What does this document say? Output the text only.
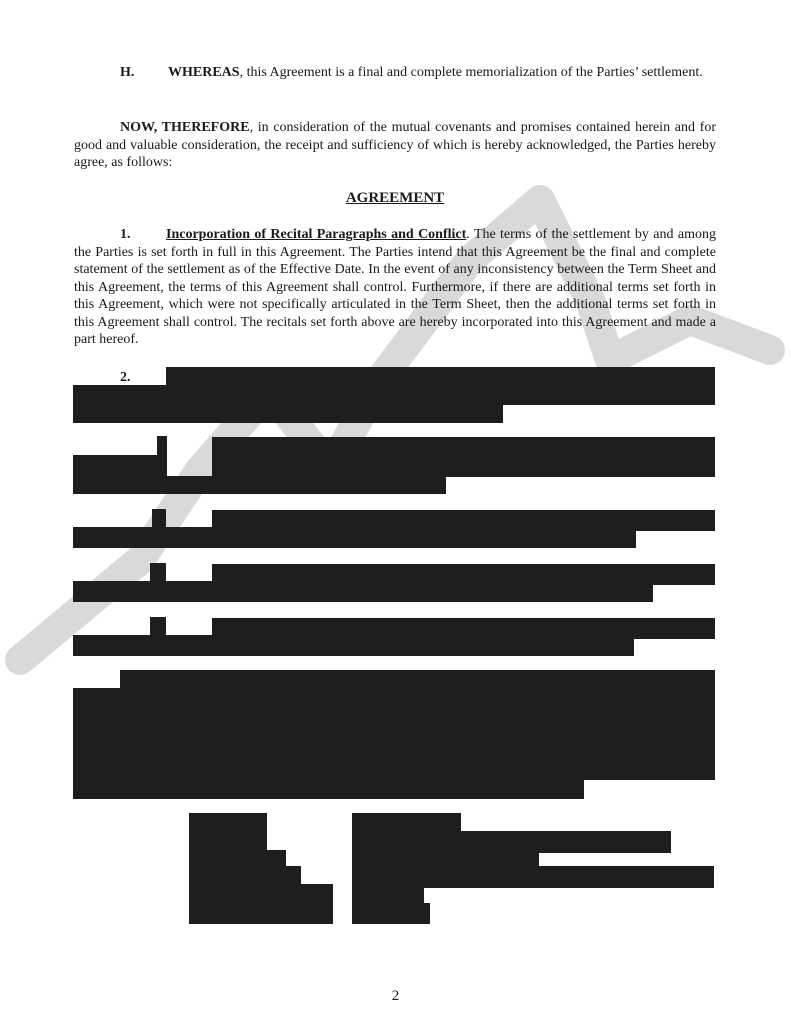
H. WHEREAS, this Agreement is a final and complete memorialization of the Parties’ settlement.
NOW, THEREFORE, in consideration of the mutual covenants and promises contained herein and for good and valuable consideration, the receipt and sufficiency of which is hereby acknowledged, the Parties hereby agree, as follows:
AGREEMENT
1.	Incorporation of Recital Paragraphs and Conflict. The terms of the settlement by and among the Parties is set forth in full in this Agreement. The Parties intend that this Agreement be the final and complete statement of the settlement as of the Effective Date. In the event of any inconsistency between the Term Sheet and this Agreement, the terms of this Agreement shall control. Furthermore, if there are additional terms set forth in this Agreement, which were not specifically articulated in the Term Sheet, then the additional terms set forth in this Agreement shall control. The recitals set forth above are hereby incorporated into this Agreement and made a part hereof.
2.
2
